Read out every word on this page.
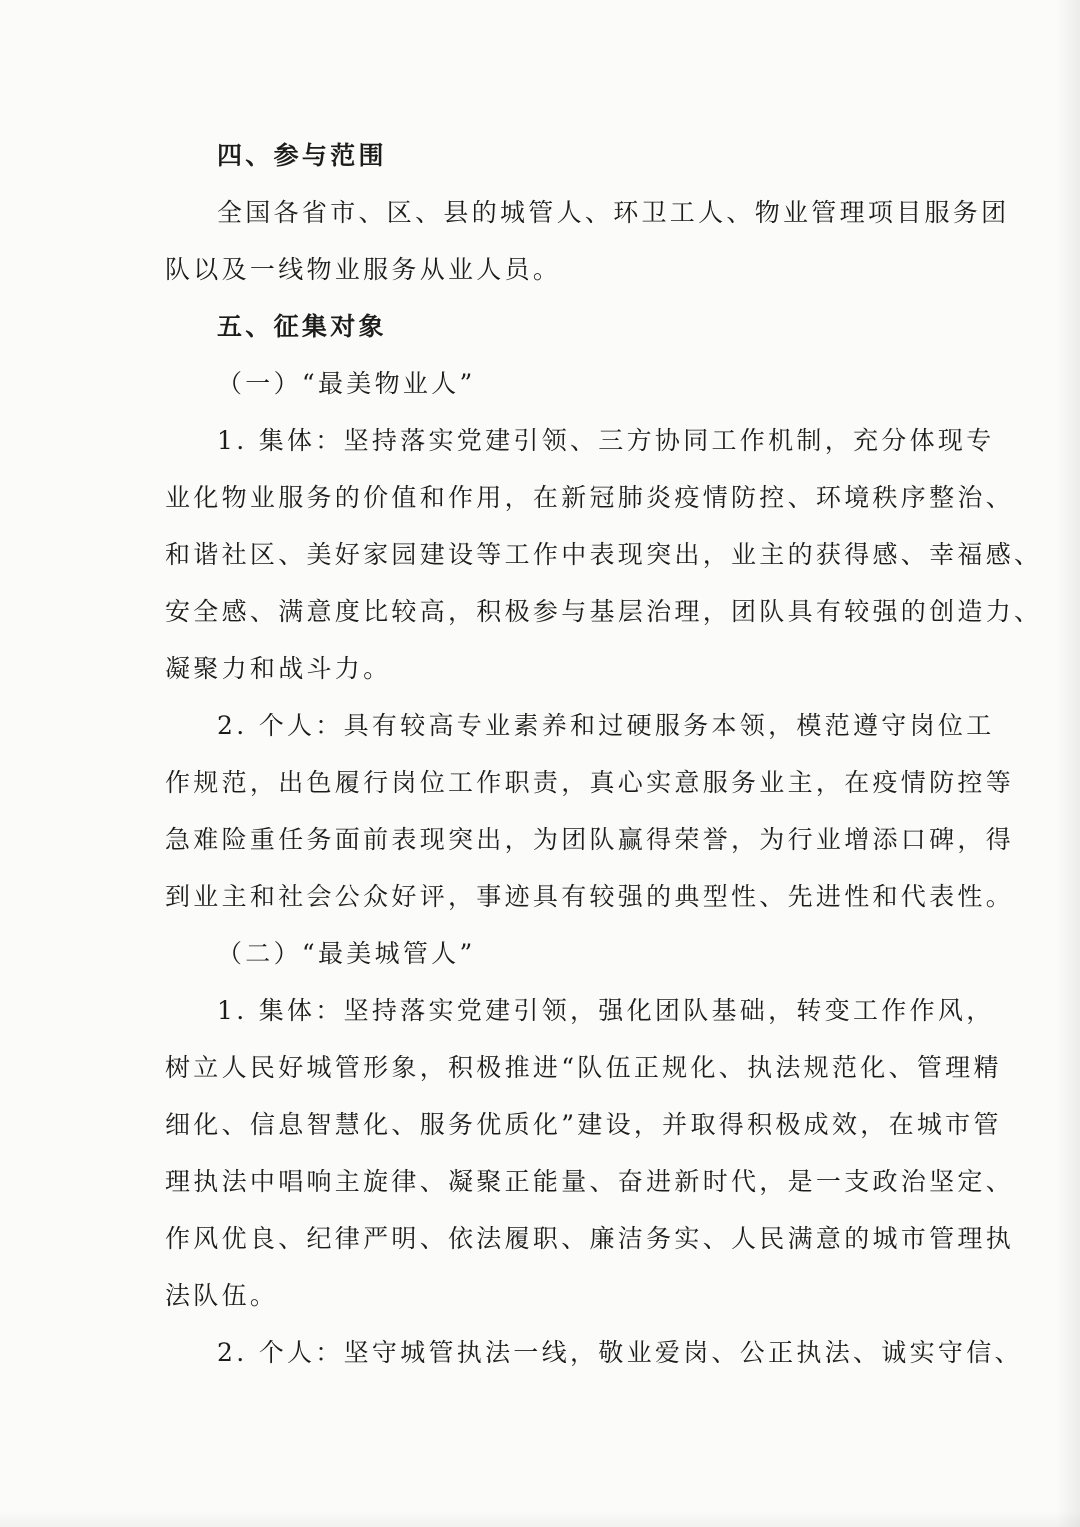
四、参与范围

全国各省市、区、县的城管人、环卫工人、物业管理项目服务团

队以及一线物业服务从业人员。

五、征集对象

（一）“最美物业人”

1. 集体：坚持落实党建引领、三方协同工作机制，充分体现专

业化物业服务的价值和作用，在新冠肺炎疫情防控、环境秩序整治、

和谐社区、美好家园建设等工作中表现突出，业主的获得感、幸福感、

安全感、满意度比较高，积极参与基层治理，团队具有较强的创造力、

凝聚力和战斗力。

2. 个人：具有较高专业素养和过硬服务本领，模范遵守岗位工

作规范，出色履行岗位工作职责，真心实意服务业主，在疫情防控等

急难险重任务面前表现突出，为团队赢得荣誉，为行业增添口碑，得

到业主和社会公众好评，事迹具有较强的典型性、先进性和代表性。

（二）“最美城管人”

1. 集体：坚持落实党建引领，强化团队基础，转变工作作风，

树立人民好城管形象，积极推进“队伍正规化、执法规范化、管理精

细化、信息智慧化、服务优质化”建设，并取得积极成效，在城市管

理执法中唱响主旋律、凝聚正能量、奋进新时代，是一支政治坚定、

作风优良、纪律严明、依法履职、廉洁务实、人民满意的城市管理执

法队伍。

2. 个人：坚守城管执法一线，敬业爱岗、公正执法、诚实守信、
